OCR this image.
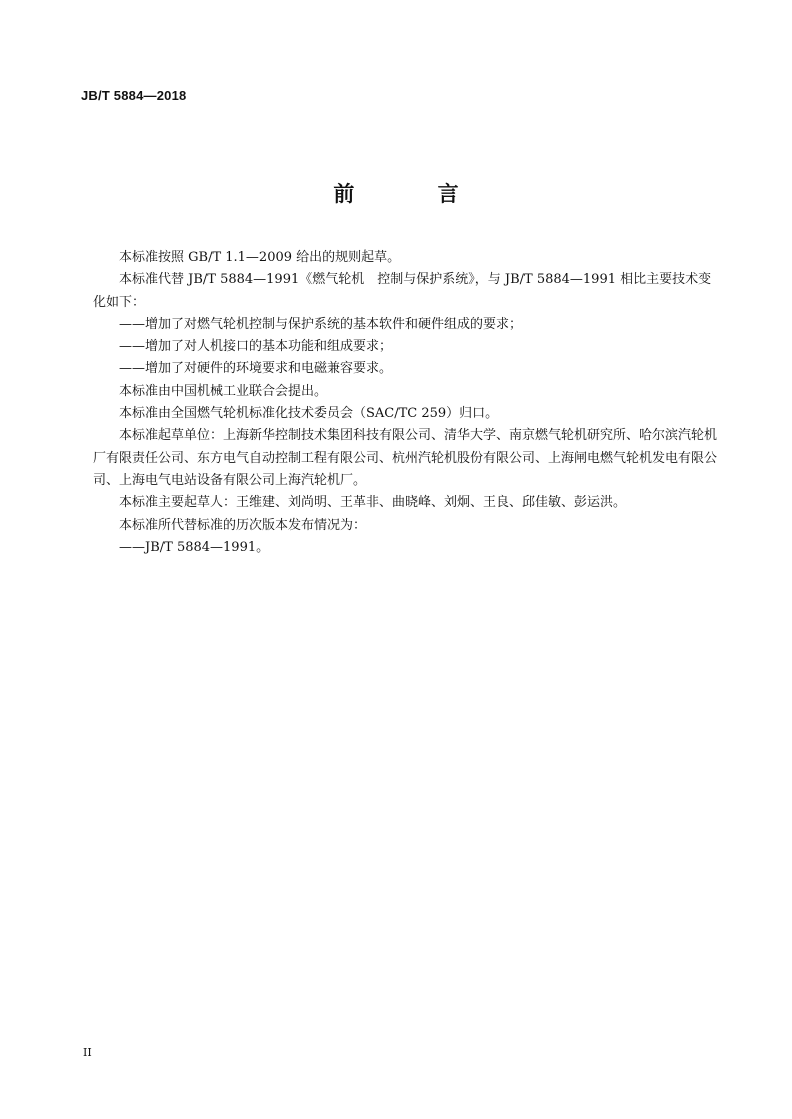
JB/T 5884—2018
前 言

本标准按照 GB/T 1.1—2009 给出的规则起草。

本标准代替 JB/T 5884—1991《燃气轮机　控制与保护系统》，与 JB/T 5884—1991 相比主要技术变化如下：

——增加了对燃气轮机控制与保护系统的基本软件和硬件组成的要求；

——增加了对人机接口的基本功能和组成要求；

——增加了对硬件的环境要求和电磁兼容要求。

本标准由中国机械工业联合会提出。

本标准由全国燃气轮机标准化技术委员会（SAC/TC 259）归口。

本标准起草单位：上海新华控制技术集团科技有限公司、清华大学、南京燃气轮机研究所、哈尔滨汽轮机厂有限责任公司、东方电气自动控制工程有限公司、杭州汽轮机股份有限公司、上海闸电燃气轮机发电有限公司、上海电气电站设备有限公司上海汽轮机厂。

本标准主要起草人：王维建、刘尚明、王革非、曲晓峰、刘炯、王良、邱佳敏、彭运洪。

本标准所代替标准的历次版本发布情况为：

——JB/T 5884—1991。

II
